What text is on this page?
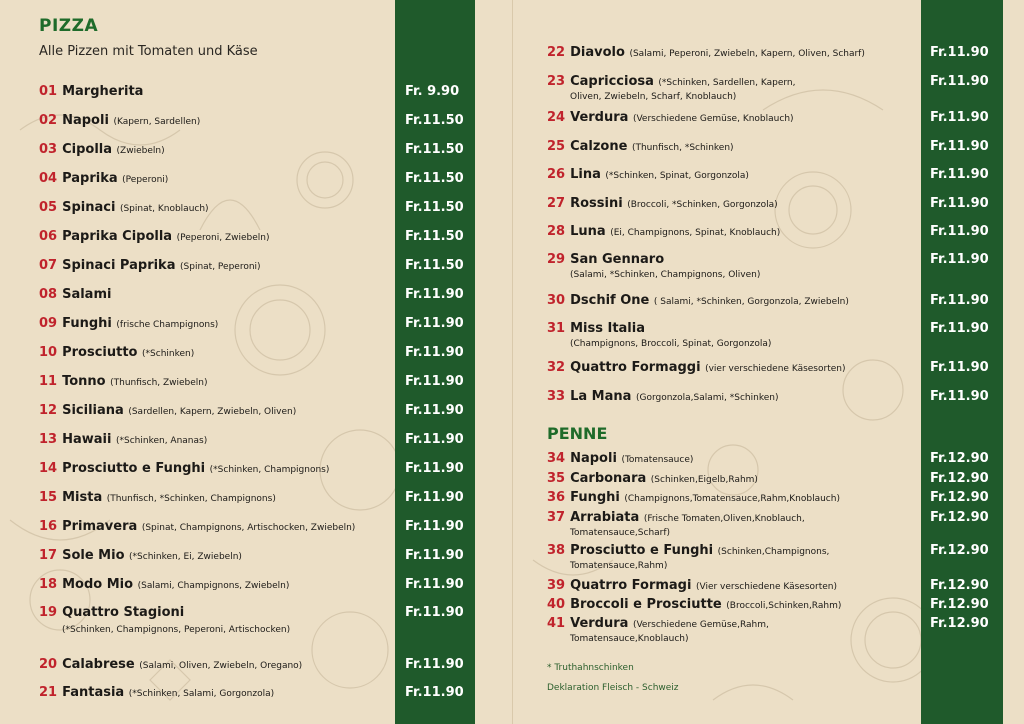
PIZZA
Alle Pizzen mit Tomaten und Käse
01 Margherita	Fr. 9.90
02 Napoli (Kapern, Sardellen)	Fr.11.50
03 Cipolla (Zwiebeln)	Fr.11.50
04 Paprika (Peperoni)	Fr.11.50
05 Spinaci (Spinat, Knoblauch)	Fr.11.50
06 Paprika Cipolla (Peperoni, Zwiebeln)	Fr.11.50
07 Spinaci Paprika (Spinat, Peperoni)	Fr.11.50
08 Salami	Fr.11.90
09 Funghi (frische Champignons)	Fr.11.90
10 Prosciutto (*Schinken)	Fr.11.90
11 Tonno (Thunfisch, Zwiebeln)	Fr.11.90
12 Siciliana (Sardellen, Kapern, Zwiebeln, Oliven)	Fr.11.90
13 Hawaii (*Schinken, Ananas)	Fr.11.90
14 Prosciutto e Funghi (*Schinken, Champignons)	Fr.11.90
15 Mista (Thunfisch, *Schinken, Champignons)	Fr.11.90
16 Primavera (Spinat, Champignons, Artischocken, Zwiebeln)	Fr.11.90
17 Sole Mio (*Schinken, Ei, Zwiebeln)	Fr.11.90
18 Modo Mio (Salami, Champignons, Zwiebeln)	Fr.11.90
19 Quattro Stagioni
(*Schinken, Champignons, Peperoni, Artischocken)
Fr.11.90
20 Calabrese (Salami, Oliven, Zwiebeln, Oregano)	Fr.11.90
21 Fantasia (*Schinken, Salami, Gorgonzola)	Fr.11.90
22 Diavolo (Salami, Peperoni, Zwiebeln, Kapern, Oliven, Scharf)	Fr.11.90
23 Capricciosa (*Schinken, Sardellen, Kapern,
Oliven, Zwiebeln, Scharf, Knoblauch)
Fr.11.90
24 Verdura (Verschiedene Gemüse, Knoblauch)	Fr.11.90
25 Calzone (Thunfisch, *Schinken)	Fr.11.90
26 Lina (*Schinken, Spinat, Gorgonzola)	Fr.11.90
27 Rossini (Broccoli, *Schinken, Gorgonzola)	Fr.11.90
28 Luna (Ei, Champignons, Spinat, Knoblauch)	Fr.11.90
29 San Gennaro
(Salami, *Schinken, Champignons, Oliven)
Fr.11.90
30 Dschif One ( Salami, *Schinken, Gorgonzola, Zwiebeln)	Fr.11.90
31 Miss Italia
(Champignons, Broccoli, Spinat, Gorgonzola)
Fr.11.90
32 Quattro Formaggi (vier verschiedene Käsesorten)	Fr.11.90
33 La Mana (Gorgonzola,Salami, *Schinken)	Fr.11.90
PENNE
34 Napoli (Tomatensauce)	Fr.12.90
35 Carbonara (Schinken,Eigelb,Rahm)	Fr.12.90
36 Funghi (Champignons,Tomatensauce,Rahm,Knoblauch)	Fr.12.90
37 Arrabiata (Frische Tomaten,Oliven,Knoblauch,
Tomatensauce,Scharf)
Fr.12.90
38 Prosciutto e Funghi (Schinken,Champignons,
Tomatensauce,Rahm)
Fr.12.90
39 Quatrro Formagi (Vier verschiedene Käsesorten)	Fr.12.90
40 Broccoli e Prosciutte (Broccoli,Schinken,Rahm)	Fr.12.90
41 Verdura (Verschiedene Gemüse,Rahm,
Tomatensauce,Knoblauch)
Fr.12.90
* Truthahnschinken
Deklaration Fleisch - Schweiz
